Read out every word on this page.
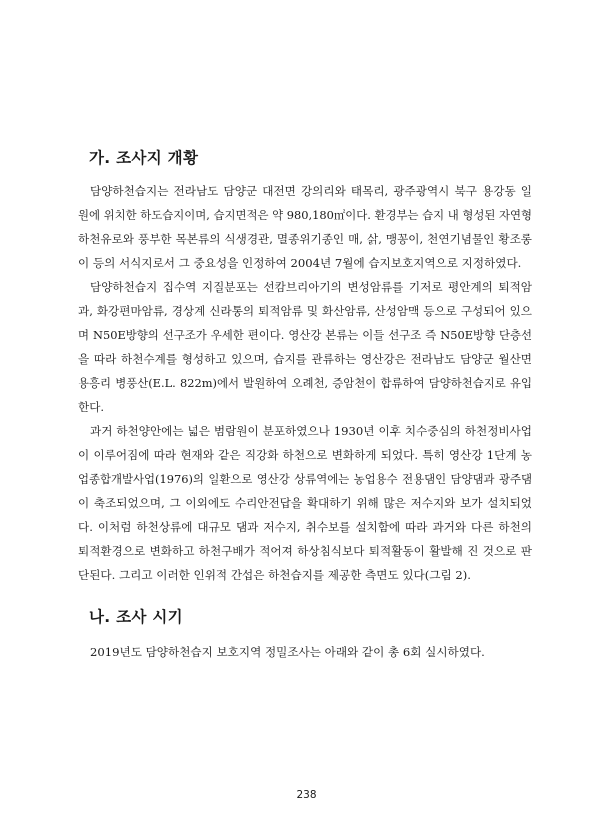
가. 조사지 개황

담양하천습지는 전라남도 담양군 대전면 강의리와 태목리, 광주광역시 북구 용강동 일

원에 위치한 하도습지이며, 습지면적은 약 980,180㎡이다. 환경부는 습지 내 형성된 자연형

하천유로와 풍부한 목본류의 식생경관, 멸종위기종인 매, 삵, 맹꽁이, 천연기념물인 황조롱

이 등의 서식지로서 그 중요성을 인정하여 2004년 7월에 습지보호지역으로 지정하였다.

담양하천습지 집수역 지질분포는 선캄브리아기의 변성암류를 기저로 평안계의 퇴적암

과, 화강편마암류, 경상계 신라통의 퇴적암류 및 화산암류, 산성암맥 등으로 구성되어 있으

며 N50E방향의 선구조가 우세한 편이다. 영산강 본류는 이들 선구조 즉 N50E방향 단층선

을 따라 하천수계를 형성하고 있으며, 습지를 관류하는 영산강은 전라남도 담양군 월산면

용흥리 병풍산(E.L. 822m)에서 발원하여 오례천, 증암천이 합류하여 담양하천습지로 유입

한다.

과거 하천양안에는 넓은 범람원이 분포하였으나 1930년 이후 치수중심의 하천정비사업

이 이루어짐에 따라 현재와 같은 직강화 하천으로 변화하게 되었다. 특히 영산강 1단계 농

업종합개발사업(1976)의 일환으로 영산강 상류역에는 농업용수 전용댐인 담양댐과 광주댐

이 축조되었으며, 그 이외에도 수리안전답을 확대하기 위해 많은 저수지와 보가 설치되었

다. 이처럼 하천상류에 대규모 댐과 저수지, 취수보를 설치함에 따라 과거와 다른 하천의

퇴적환경으로 변화하고 하천구배가 적어져 하상침식보다 퇴적활동이 활발해 진 것으로 판

단된다. 그리고 이러한 인위적 간섭은 하천습지를 제공한 측면도 있다(그림 2).

나. 조사 시기

2019년도 담양하천습지 보호지역 정밀조사는 아래와 같이 총 6회 실시하였다.

238
